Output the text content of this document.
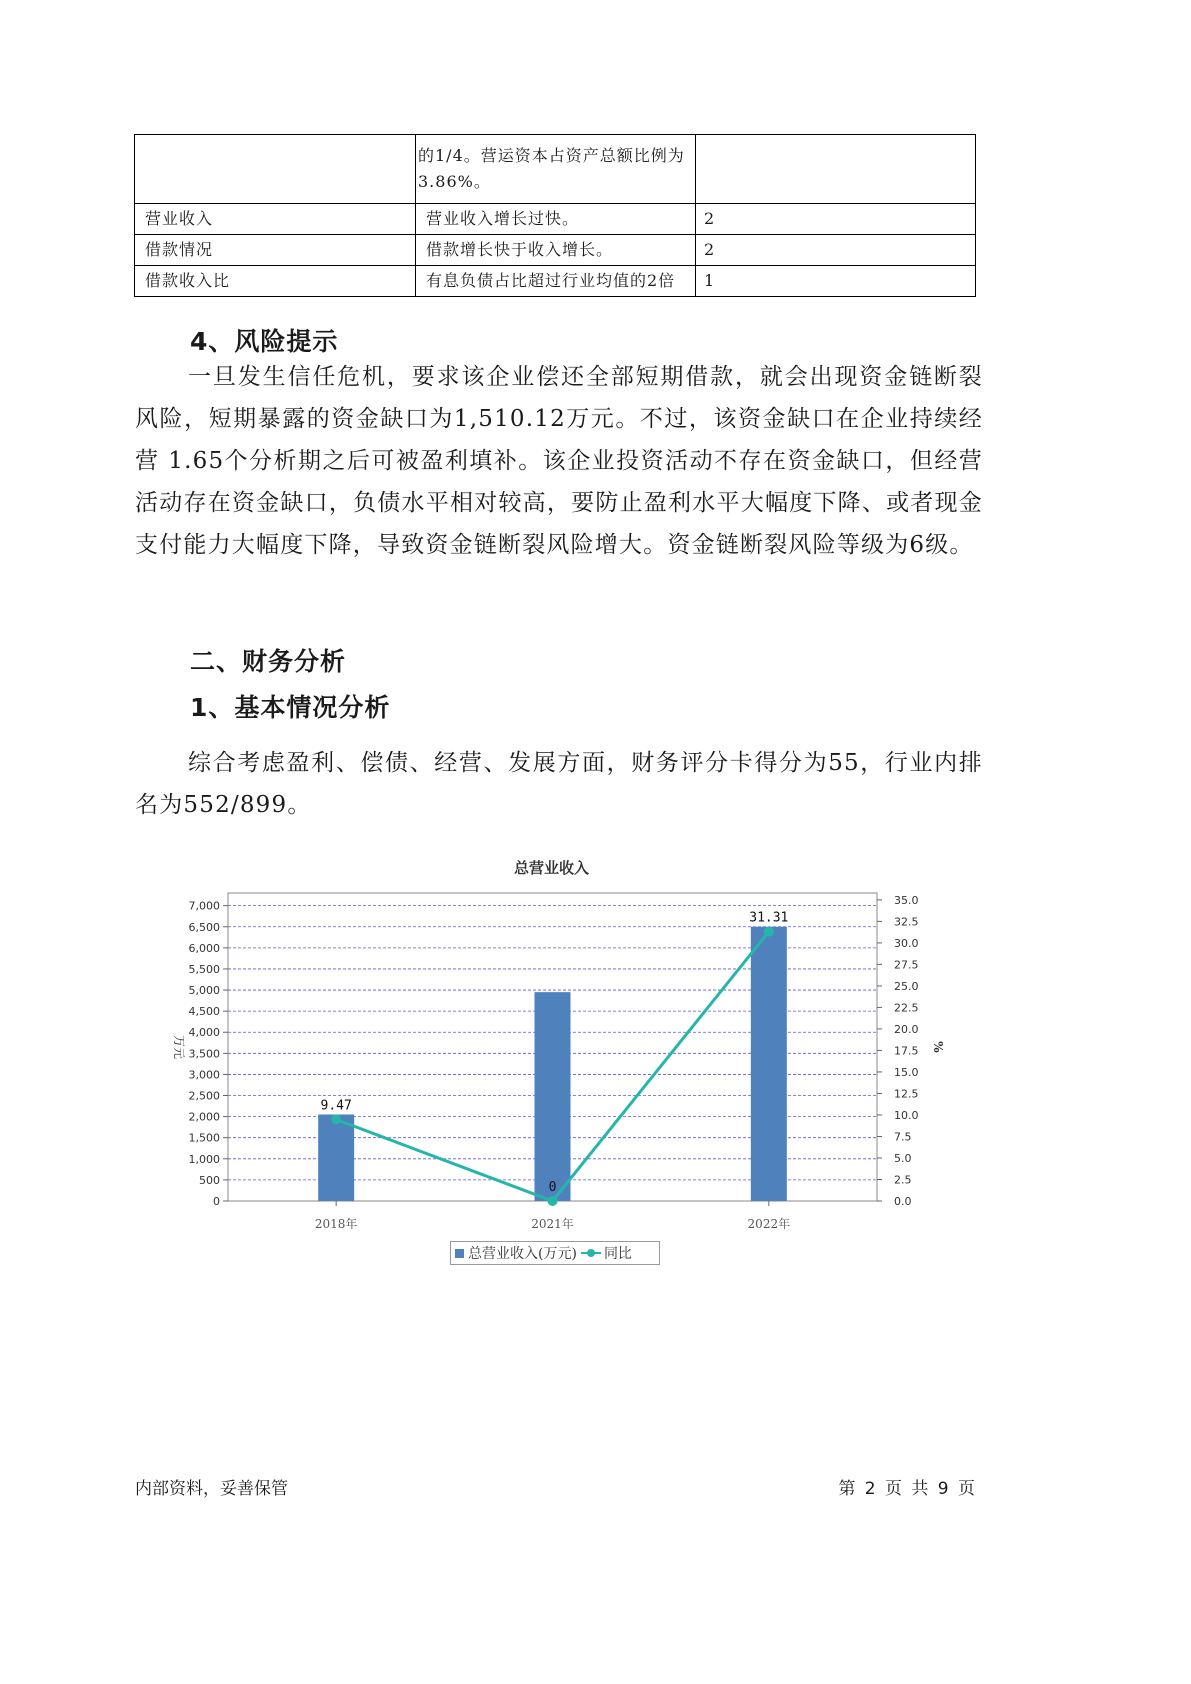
	的1/4。营运资本占资产总额比例为3.86%。	
营业收入	营业收入增长过快。	2
借款情况	借款增长快于收入增长。	2
借款收入比	有息负债占比超过行业均值的2倍	1
4、风险提示

一旦发生信任危机，要求该企业偿还全部短期借款，就会出现资金链断裂风险，短期暴露的资金缺口为1,510.12万元。不过，该资金缺口在企业持续经营 1.65个分析期之后可被盈利填补。该企业投资活动不存在资金缺口，但经营活动存在资金缺口，负债水平相对较高，要防止盈利水平大幅度下降、或者现金支付能力大幅度下降，导致资金链断裂风险增大。资金链断裂风险等级为6级。

二、财务分析
1、基本情况分析

综合考虑盈利、偿债、经营、发展方面，财务评分卡得分为55，行业内排名为552/899。

总营业收入
0
500
1,000
1,500
2,000
2,500
3,000
3,500
4,000
4,500
5,000
5,500
6,000
6,500
7,000
0.0
2.5
5.0
7.5
10.0
12.5
15.0
17.5
20.0
22.5
25.0
27.5
30.0
32.5
35.0
万元	%
2018年	2021年	2022年
9.47
0
31.31
总营业收入(万元) 同比
内部资料，妥善保管	第 2 页 共 9 页
